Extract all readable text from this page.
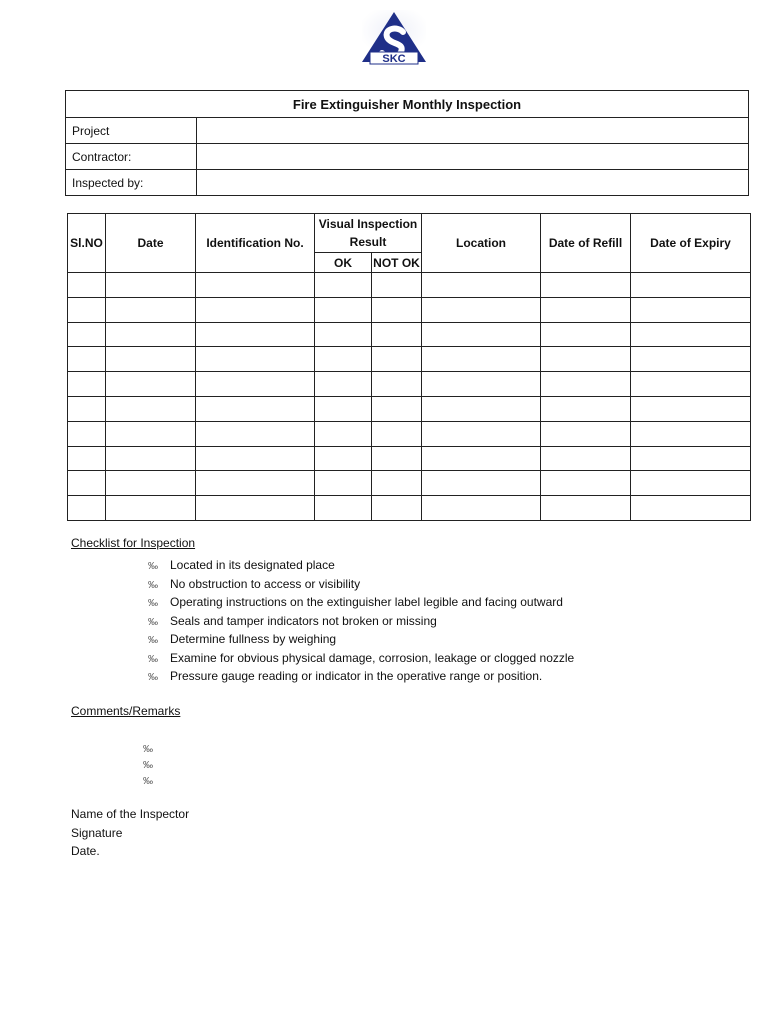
SKC
Fire Extinguisher Monthly Inspection	
Project	
Contractor:	
Inspected by:	
Sl.NO	Date	Identification No.	Visual Inspection Result		Location	Date of Refill	Date of Expiry
			OK	NOT OK			

Checklist for Inspection
‰ Located in its designated place
‰ No obstruction to access or visibility
‰ Operating instructions on the extinguisher label legible and facing outward
‰ Seals and tamper indicators not broken or missing
‰ Determine fullness by weighing
‰ Examine for obvious physical damage, corrosion, leakage or clogged nozzle
‰ Pressure gauge reading or indicator in the operative range or position.
Comments/Remarks
‰
‰
‰
Name of the Inspector
Signature
Date.
